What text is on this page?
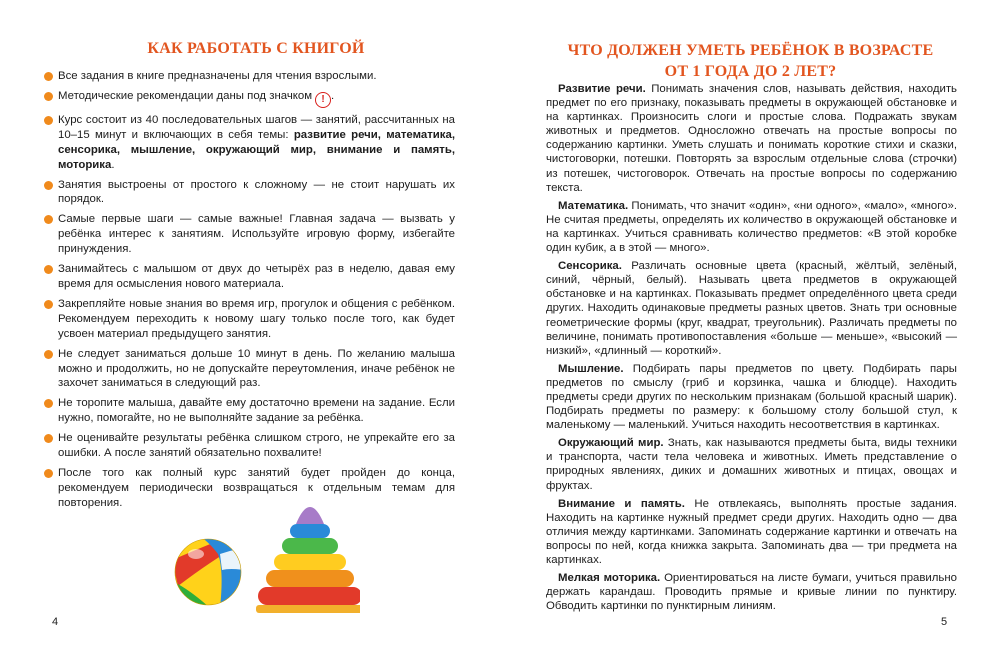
КАК РАБОТАТЬ С КНИГОЙ
Все задания в книге предназначены для чтения взрослыми.
Методические рекомендации даны под значком ! .
Курс состоит из 40 последовательных шагов — занятий, рассчитанных на 10–15 минут и включающих в себя темы: развитие речи, математика, сенсорика, мышление, окружающий мир, внимание и память, моторика.
Занятия выстроены от простого к сложному — не стоит нарушать их порядок.
Самые первые шаги — самые важные! Главная задача — вызвать у ребёнка интерес к занятиям. Используйте игровую форму, избегайте принуждения.
Занимайтесь с малышом от двух до четырёх раз в неделю, давая ему время для осмысления нового материала.
Закрепляйте новые знания во время игр, прогулок и общения с ребёнком. Рекомендуем переходить к новому шагу только после того, как будет усвоен материал предыдущего занятия.
Не следует заниматься дольше 10 минут в день. По желанию малыша можно и продолжить, но не допускайте переутомления, иначе ребёнок не захочет заниматься в следующий раз.
Не торопите малыша, давайте ему достаточно времени на задание. Если нужно, помогайте, но не выполняйте задание за ребёнка.
Не оценивайте результаты ребёнка слишком строго, не упрекайте его за ошибки. А после занятий обязательно похвалите!
После того как полный курс занятий будет пройден до конца, рекомендуем периодически возвращаться к отдельным темам для повторения.
4
ЧТО ДОЛЖЕН УМЕТЬ РЕБЁНОК В ВОЗРАСТЕ
ОТ 1 ГОДА ДО 2 ЛЕТ?

Развитие речи. Понимать значения слов, называть действия, находить предмет по его признаку, показывать предметы в окружающей обстановке и на картинках. Произносить слоги и простые слова. Подражать звукам животных и предметов. Односложно отвечать на простые вопросы по содержанию картинки. Уметь слушать и понимать короткие стихи и сказки, чистоговорки, потешки. Повторять за взрослым отдельные слова (строчки) из потешек, чистоговорок. Отвечать на простые вопросы по содержанию текста.

Математика. Понимать, что значит «один», «ни одного», «мало», «много». Не считая предметы, определять их количество в окружающей обстановке и на картинках. Учиться сравнивать количество предметов: «В этой коробке один кубик, а в этой — много».

Сенсорика. Различать основные цвета (красный, жёлтый, зелёный, синий, чёрный, белый). Называть цвета предметов в окружающей обстановке и на картинках. Показывать предмет определённого цвета среди других. Находить одинаковые предметы разных цветов. Знать три основные геометрические формы (круг, квадрат, треугольник). Различать предметы по величине, понимать противопоставления «больше — меньше», «высокий — низкий», «длинный — короткий».

Мышление. Подбирать пары предметов по цвету. Подбирать пары предметов по смыслу (гриб и корзинка, чашка и блюдце). Находить предметы среди других по нескольким признакам (большой красный шарик). Подбирать предметы по размеру: к большому столу большой стул, к маленькому — маленький. Учиться находить несоответствия в картинках.

Окружающий мир. Знать, как называются предметы быта, виды техники и транспорта, части тела человека и животных. Иметь представление о природных явлениях, диких и домашних животных и птицах, овощах и фруктах.

Внимание и память. Не отвлекаясь, выполнять простые задания. Находить на картинке нужный предмет среди других. Находить одно — два отличия между картинками. Запоминать содержание картинки и отвечать на вопросы по ней, когда книжка закрыта. Запоминать два — три предмета на картинках.

Мелкая моторика. Ориентироваться на листе бумаги, учиться правильно держать карандаш. Проводить прямые и кривые линии по пунктиру. Обводить картинки по пунктирным линиям.

5
